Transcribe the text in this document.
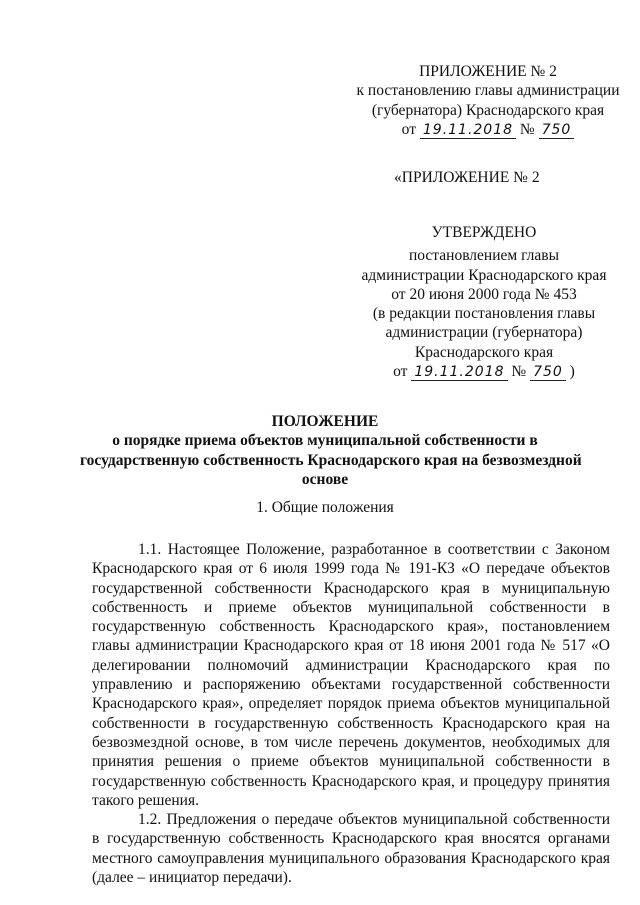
ПРИЛОЖЕНИЕ № 2
к постановлению главы администрации
(губернатора) Краснодарского края
от 19.11.2018 № 750
«ПРИЛОЖЕНИЕ № 2
УТВЕРЖДЕНО
постановлением главы
администрации Краснодарского края
от 20 июня 2000 года № 453
(в редакции постановления главы
администрации (губернатора)
Краснодарского края
от 19.11.2018 № 750 )
ПОЛОЖЕНИЕ
о порядке приема объектов муниципальной собственности в
государственную собственность Краснодарского края на безвозмездной
основе
1. Общие положения

1.1. Настоящее Положение, разработанное в соответствии с Законом Краснодарского края от 6 июля 1999 года № 191-КЗ «О передаче объектов государственной собственности Краснодарского края в муниципальную собственность и приеме объектов муниципальной собственности в государственную собственность Краснодарского края», постановлением главы администрации Краснодарского края от 18 июня 2001 года № 517 «О делегировании полномочий администрации Краснодарского края по управлению и распоряжению объектами государственной собственности Краснодарского края», определяет порядок приема объектов муниципальной собственности в государственную собственность Краснодарского края на безвозмездной основе, в том числе перечень документов, необходимых для принятия решения о приеме объектов муниципальной собственности в государственную собственность Краснодарского края, и процедуру принятия такого решения.

1.2. Предложения о передаче объектов муниципальной собственности в государственную собственность Краснодарского края вносятся органами местного самоуправления муниципального образования Краснодарского края (далее – инициатор передачи).
